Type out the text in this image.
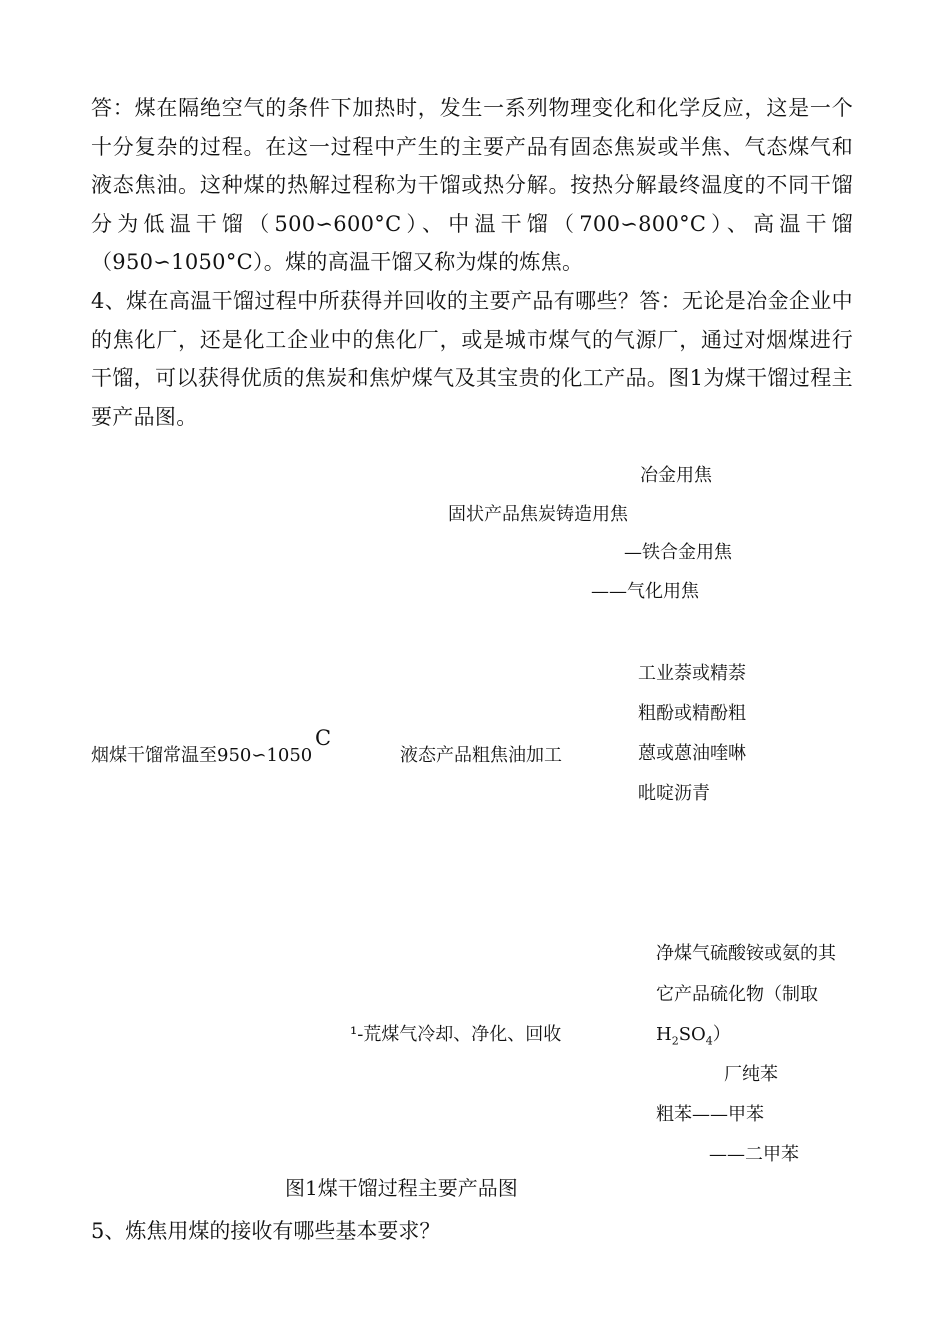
答：煤在隔绝空气的条件下加热时，发生一系列物理变化和化学反应，这是一个十分复杂的过程。在这一过程中产生的主要产品有固态焦炭或半焦、气态煤气和液态焦油。这种煤的热解过程称为干馏或热分解。按热分解最终温度的不同干馏分为低温干馏（500∽600°C）、中温干馏（700∽800°C）、高温干馏（950∽1050°C）。煤的高温干馏又称为煤的炼焦。

4、煤在高温干馏过程中所获得并回收的主要产品有哪些？答：无论是冶金企业中的焦化厂，还是化工企业中的焦化厂，或是城市煤气的气源厂，通过对烟煤进行干馏，可以获得优质的焦炭和焦炉煤气及其宝贵的化工产品。图1为煤干馏过程主要产品图。

冶金用焦
固状产品焦炭铸造用焦
—铁合金用焦
——气化用焦
工业萘或精萘
粗酚或精酚粗
烟煤干馏常温至950∽1050
C
液态产品粗焦油加工	蒽或蒽油喹啉
吡啶沥青
净煤气硫酸铵或氨的其
它产品硫化物（制取
¹-荒煤气冷却、净化、回收	$H_2SO_4$）
厂纯苯
粗苯——甲苯
——二甲苯
图1煤干馏过程主要产品图
5、炼焦用煤的接收有哪些基本要求？
